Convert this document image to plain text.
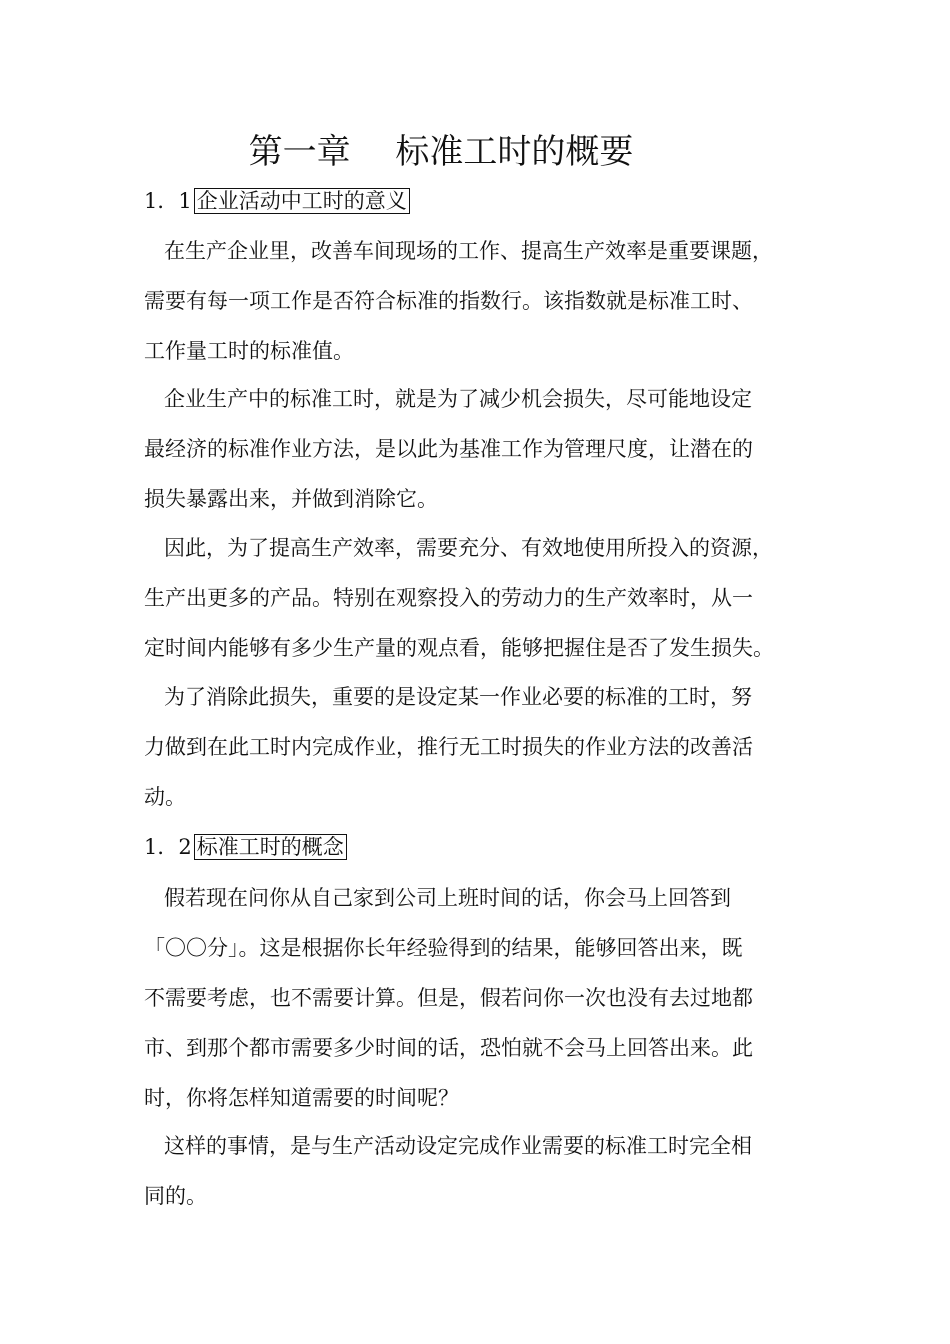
第一章　 标准工时的概要
1．1 企业活动中工时的意义
在生产企业里，改善车间现场的工作、提高生产效率是重要课题，
需要有每一项工作是否符合标准的指数行。该指数就是标准工时、
工作量工时的标准值。
企业生产中的标准工时，就是为了减少机会损失，尽可能地设定
最经济的标准作业方法，是以此为基准工作为管理尺度，让潜在的
损失暴露出来，并做到消除它。
因此，为了提高生产效率，需要充分、有效地使用所投入的资源，
生产出更多的产品。特别在观察投入的劳动力的生产效率时，从一
定时间内能够有多少生产量的观点看，能够把握住是否了发生损失。
为了消除此损失，重要的是设定某一作业必要的标准的工时，努
力做到在此工时内完成作业，推行无工时损失的作业方法的改善活
动。
1．2 标准工时的概念
假若现在问你从自己家到公司上班时间的话，你会马上回答到
「〇〇分」。这是根据你长年经验得到的结果，能够回答出来，既
不需要考虑，也不需要计算。但是，假若问你一次也没有去过地都
市、到那个都市需要多少时间的话，恐怕就不会马上回答出来。此
时，你将怎样知道需要的时间呢？
这样的事情，是与生产活动设定完成作业需要的标准工时完全相
同的。
